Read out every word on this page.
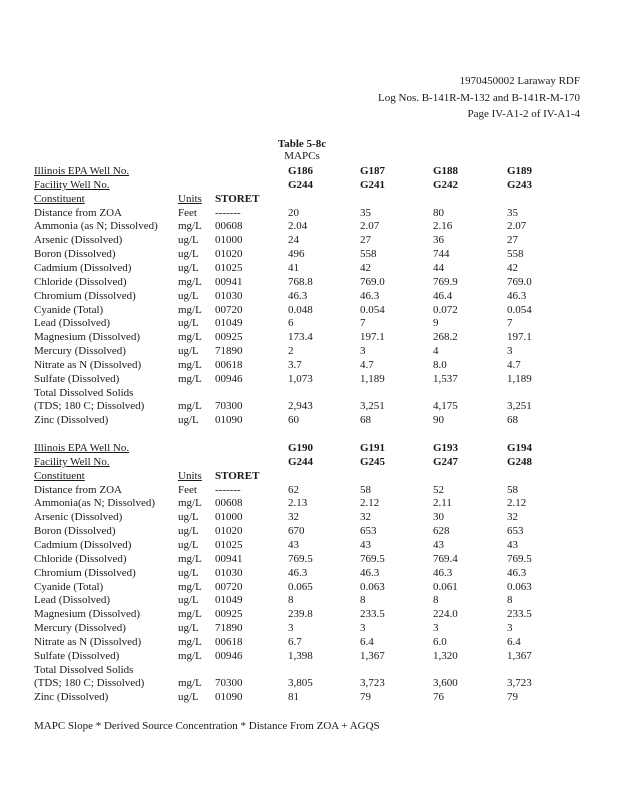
1970450002 Laraway RDF
Log Nos. B-141R-M-132 and B-141R-M-170
Page IV-A1-2 of IV-A1-4
Table 5-8c
MAPCs
Illinois EPA Well No.	G186	G187	G188	G189
Facility Well No.	G244	G241	G242	G243
Constituent	Units STORET
Distance from ZOA	Feet -------	20	35	80	35
Ammonia (as N; Dissolved) mg/L 00608	2.04	2.07	2.16	2.07
Arsenic (Dissolved)	ug/L 01000	24	27	36	27
Boron (Dissolved)	ug/L 01020	496	558	744	558
Cadmium (Dissolved)	ug/L 01025	41	42	44	42
Chloride (Dissolved)	mg/L 00941	768.8	769.0	769.9	769.0
Chromium (Dissolved)	ug/L 01030	46.3	46.3	46.4	46.3
Cyanide (Total)	mg/L 00720	0.048	0.054	0.072	0.054
Lead (Dissolved)	ug/L 01049	6	7	9	7
Magnesium (Dissolved)	mg/L 00925	173.4	197.1	268.2	197.1
Mercury (Dissolved)	ug/L 71890	2	3	4	3
Nitrate as N (Dissolved)	mg/L 00618	3.7	4.7	8.0	4.7
Sulfate (Dissolved)	mg/L 00946	1,073	1,189	1,537	1,189
Total Dissolved Solids
(TDS; 180 C; Dissolved)	mg/L 70300	2,943	3,251	4,175	3,251
Zinc (Dissolved)	ug/L 01090	60	68	90	68
Illinois EPA Well No.	G190	G191	G193	G194
Facility Well No.	G244	G245	G247	G248
Constituent	Units STORET
Distance from ZOA	Feet -------	62	58	52	58
Ammonia(as N; Dissolved) mg/L 00608	2.13	2.12	2.11	2.12
Arsenic (Dissolved)	ug/L 01000	32	32	30	32
Boron (Dissolved)	ug/L 01020	670	653	628	653
Cadmium (Dissolved)	ug/L 01025	43	43	43	43
Chloride (Dissolved)	mg/L 00941	769.5	769.5	769.4	769.5
Chromium (Dissolved)	ug/L 01030	46.3	46.3	46.3	46.3
Cyanide (Total)	mg/L 00720	0.065	0.063	0.061	0.063
Lead (Dissolved)	ug/L 01049	8	8	8	8
Magnesium (Dissolved)	mg/L 00925	239.8	233.5	224.0	233.5
Mercury (Dissolved)	ug/L 71890	3	3	3	3
Nitrate as N (Dissolved)	mg/L 00618	6.7	6.4	6.0	6.4
Sulfate (Dissolved)	mg/L 00946	1,398	1,367	1,320	1,367
Total Dissolved Solids
(TDS; 180 C; Dissolved)	mg/L 70300	3,805	3,723	3,600	3,723
Zinc (Dissolved)	ug/L 01090	81	79	76	79
MAPC Slope * Derived Source Concentration * Distance From ZOA + AGQS
